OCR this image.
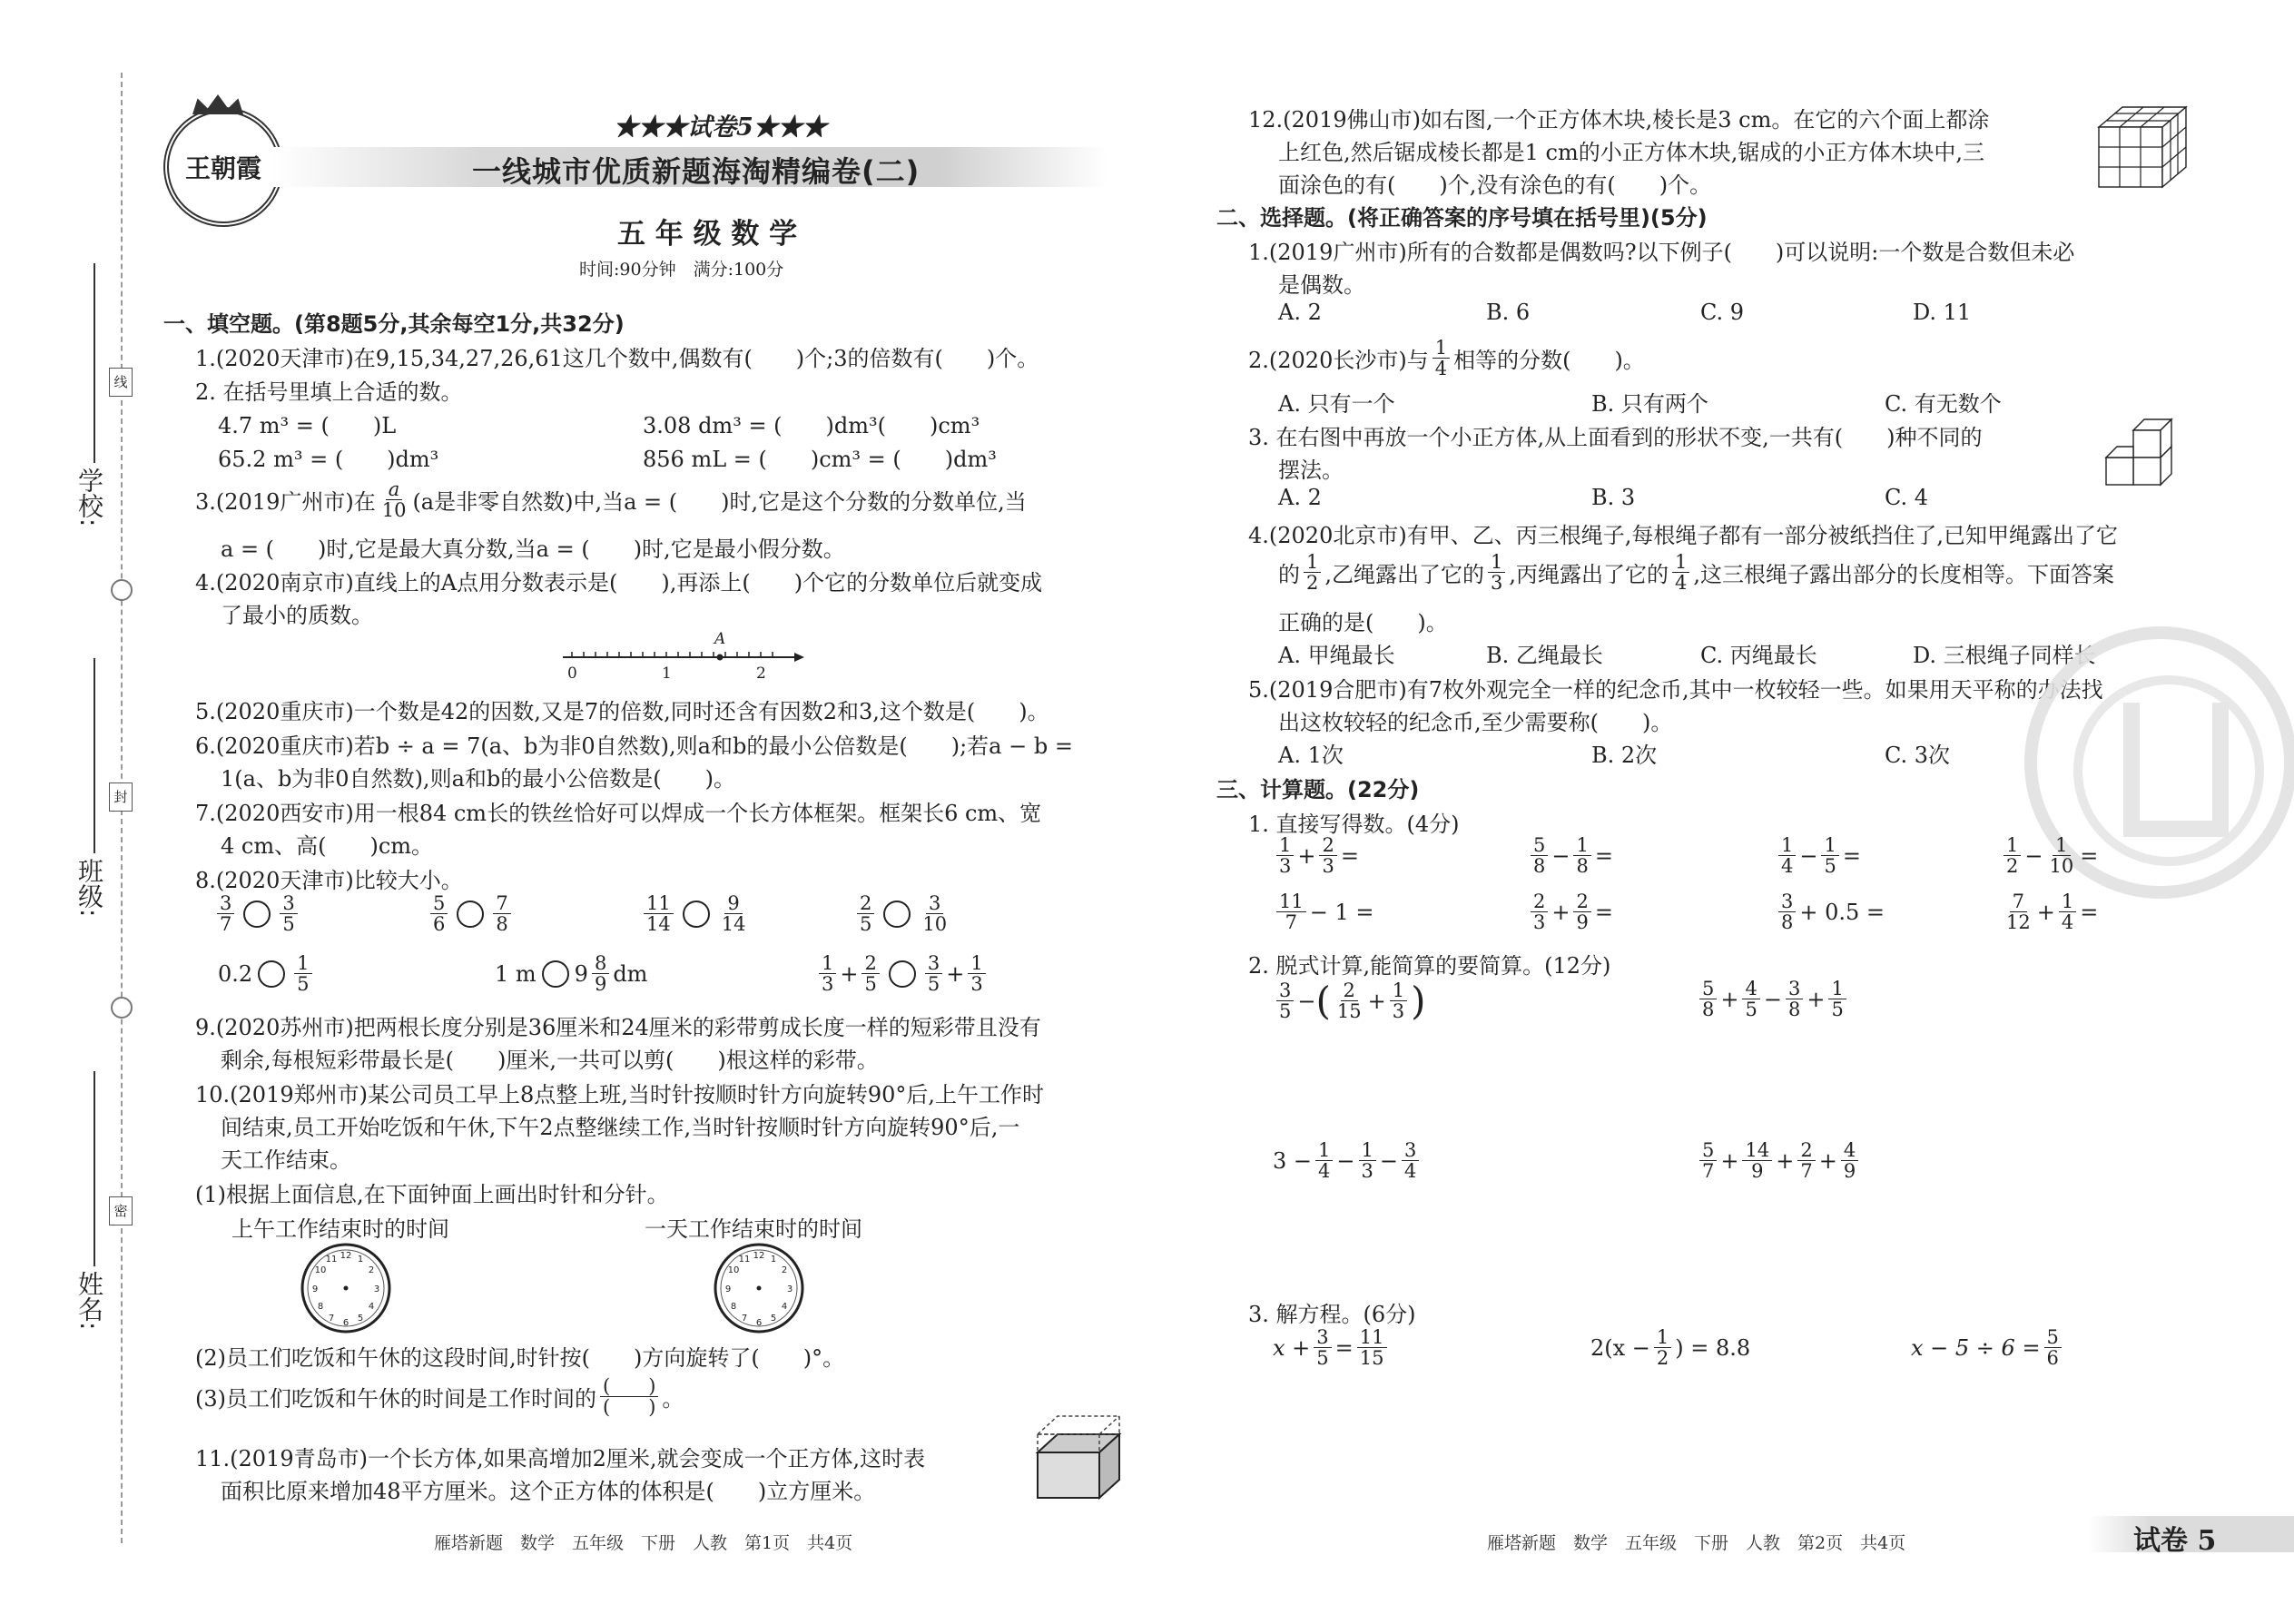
学校:
班级:
姓名:
线
封
密
王朝霞
★★★试卷5★★★
一线城市优质新题海淘精编卷(二)
五 年 级 数 学
时间:90分钟　满分:100分
一、填空题。(第8题5分,其余每空1分,共32分)
1.(2020天津市)在9,15,34,27,26,61这几个数中,偶数有(　　)个;3的倍数有(　　)个。
2. 在括号里填上合适的数。
4.7 m³ = (　　)L	3.08 dm³ = (　　)dm³(　　)cm³
65.2 m³ = (　　)dm³	856 mL = (　　)cm³ = (　　)dm³
3.(2019广州市)在 $\frac{a}{10} (a$是非零自然数)中,当a = (　　)时,它是这个分数的分数单位,当
a = (　　)时,它是最大真分数,当a = (　　)时,它是最小假分数。
4.(2020南京市)直线上的A点用分数表示是(　　),再添上(　　)个它的分数单位后就变成
了最小的质数。
A
0	1	2
5.(2020重庆市)一个数是42的因数,又是7的倍数,同时还含有因数2和3,这个数是(　　)。
6.(2020重庆市)若b ÷ a = 7(a、b为非0自然数),则a和b的最小公倍数是(　　);若a − b =
1(a、b为非0自然数),则a和b的最小公倍数是(　　)。
7.(2020西安市)用一根84 cm长的铁丝恰好可以焊成一个长方体框架。框架长6 cm、宽
4 cm、高(　　)cm。
8.(2020天津市)比较大小。
$\frac{3}{7} \frac{3}{5}$	$\frac{5}{6} \frac{7}{8}$	$\frac{11}{14} \frac{9}{14}$	$\frac{2}{5} \frac{3}{10}$
$0.2 \frac{1}{5}$	1 m $9 \frac{8}{9}$ dm	$\frac{1}{3} + \frac{2}{5} \frac{3}{5} + \frac{1}{3}$
9.(2020苏州市)把两根长度分别是36厘米和24厘米的彩带剪成长度一样的短彩带且没有
剩余,每根短彩带最长是(　　)厘米,一共可以剪(　　)根这样的彩带。
10.(2019郑州市)某公司员工早上8点整上班,当时针按顺时针方向旋转90°后,上午工作时
间结束,员工开始吃饭和午休,下午2点整继续工作,当时针按顺时针方向旋转90°后,一
天工作结束。
(1)根据上面信息,在下面钟面上画出时针和分针。
上午工作结束时的时间	一天工作结束时的时间
12 1
2
3
4
5
6
7
8
9
10
11	12 1
2
3
4
5
6
7
8
9
10
11
(2)员工们吃饭和午休的这段时间,时针按(　　)方向旋转了(　　)°。
(3)员工们吃饭和午休的时间是工作时间的 $\frac{( )}{( )}$ 。
11.(2019青岛市)一个长方体,如果高增加2厘米,就会变成一个正方体,这时表
面积比原来增加48平方厘米。这个正方体的体积是(　　)立方厘米。
雁塔新题　数学　五年级　下册　人教　第1页　共4页
12.(2019佛山市)如右图,一个正方体木块,棱长是3 cm。在它的六个面上都涂
上红色,然后锯成棱长都是1 cm的小正方体木块,锯成的小正方体木块中,三
面涂色的有(　　)个,没有涂色的有(　　)个。
二、选择题。(将正确答案的序号填在括号里)(5分)
1.(2019广州市)所有的合数都是偶数吗?以下例子(　　)可以说明:一个数是合数但未必
是偶数。
A. 2	B. 6	C. 9	D. 11
2.(2020长沙市)与 $\frac{1}{4}$ 相等的分数(　　)。
A. 只有一个	B. 只有两个	C. 有无数个
3. 在右图中再放一个小正方体,从上面看到的形状不变,一共有(　　)种不同的
摆法。
A. 2	B. 3	C. 4
4.(2020北京市)有甲、乙、丙三根绳子,每根绳子都有一部分被纸挡住了,已知甲绳露出了它
的 $\frac{1}{2}$ ,乙绳露出了它的 $\frac{1}{3}$ ,丙绳露出了它的 $\frac{1}{4}$ ,这三根绳子露出部分的长度相等。下面答案
正确的是(　　)。
A. 甲绳最长	B. 乙绳最长	C. 丙绳最长	D. 三根绳子同样长
5.(2019合肥市)有7枚外观完全一样的纪念币,其中一枚较轻一些。如果用天平称的办法找
出这枚较轻的纪念币,至少需要称(　　)。
A. 1次	B. 2次	C. 3次
三、计算题。(22分)
1. 直接写得数。(4分)
$\frac{1}{3} + \frac{2}{3}$ =	$\frac{5}{8} - \frac{1}{8}$ =	$\frac{1}{4} - \frac{1}{5}$ =	$\frac{1}{2} - \frac{1}{10}$ =
$\frac{11}{7} - 1$ =	$\frac{2}{3} + \frac{2}{9}$ =	$\frac{3}{8} + 0.5$ =	$\frac{7}{12} + \frac{1}{4}$ =
2. 脱式计算,能简算的要简算。(12分)
$\frac{3}{5}$ − ( $\frac{2}{15} + \frac{1}{3}$ )	$\frac{5}{8} + \frac{4}{5} - \frac{3}{8} + \frac{1}{5}$
$3 - \frac{1}{4} - \frac{1}{3} - \frac{3}{4}$	$\frac{5}{7} + \frac{14}{9} + \frac{2}{7} + \frac{4}{9}$
3. 解方程。(6分)
$x + \frac{3}{5} = \frac{11}{15}$	$2(x - \frac{1}{2}$ ) = 8.8	$x - 5 \div 6 = \frac{5}{6}$
雁塔新题　数学　五年级　下册　人教　第2页　共4页	试卷 5
